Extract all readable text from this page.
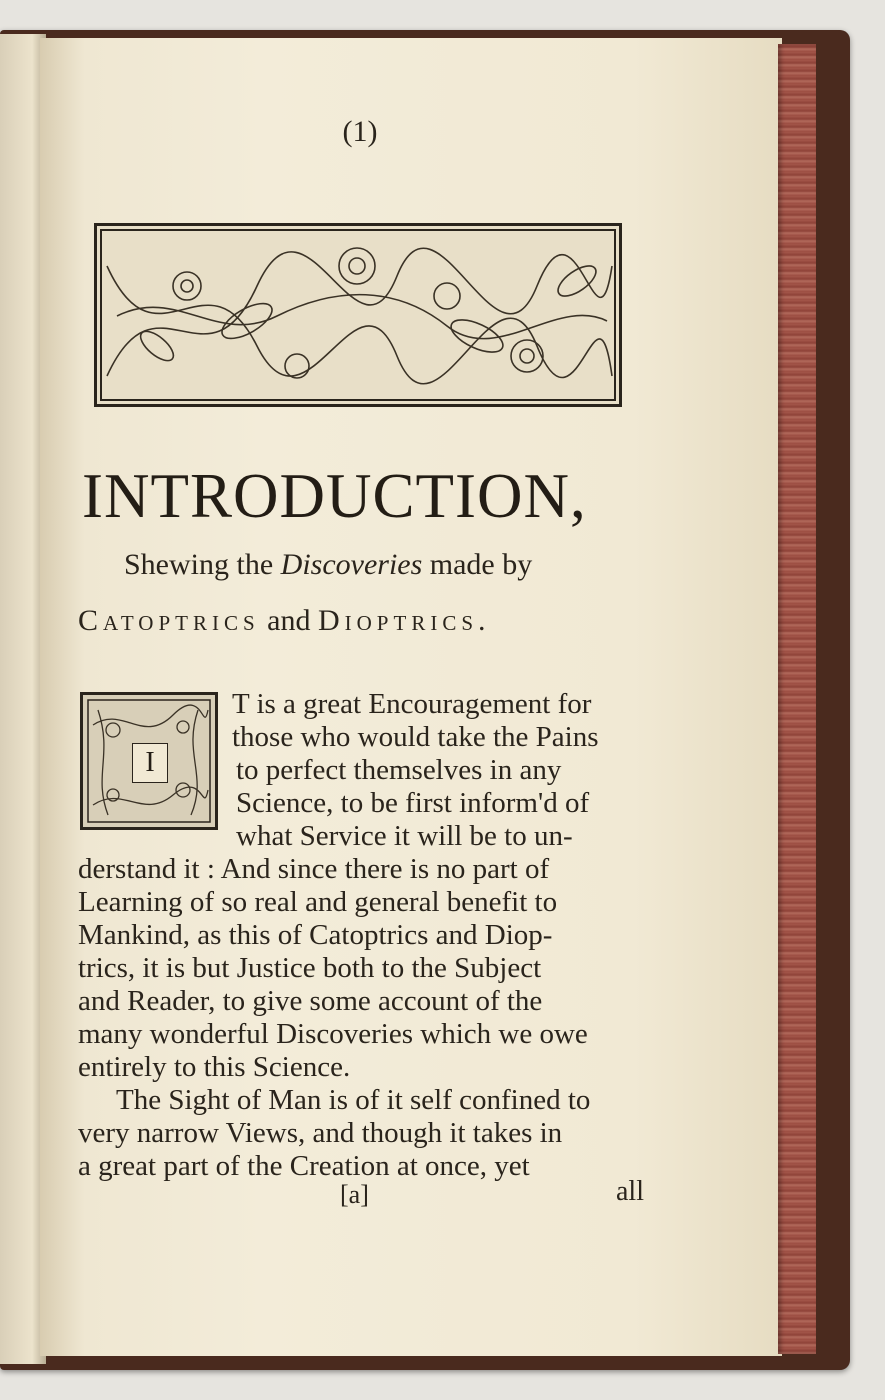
(1)
INTRODUCTION,
Shewing the Discoveries made by
Catoptrics and Dioptrics.
I
T is a great Encouragement for
those who would take the Pains
to perfect themselves in any
Science, to be first inform'd of
what Service it will be to un-
derstand it : And since there is no part of
Learning of so real and general benefit to
Mankind, as this of Catoptrics and Diop-
trics, it is but Justice both to the Subject
and Reader, to give some account of the
many wonderful Discoveries which we owe
entirely to this Science.
The Sight of Man is of it self confined to
very narrow Views, and though it takes in
a great part of the Creation at once, yet
[a]	all
